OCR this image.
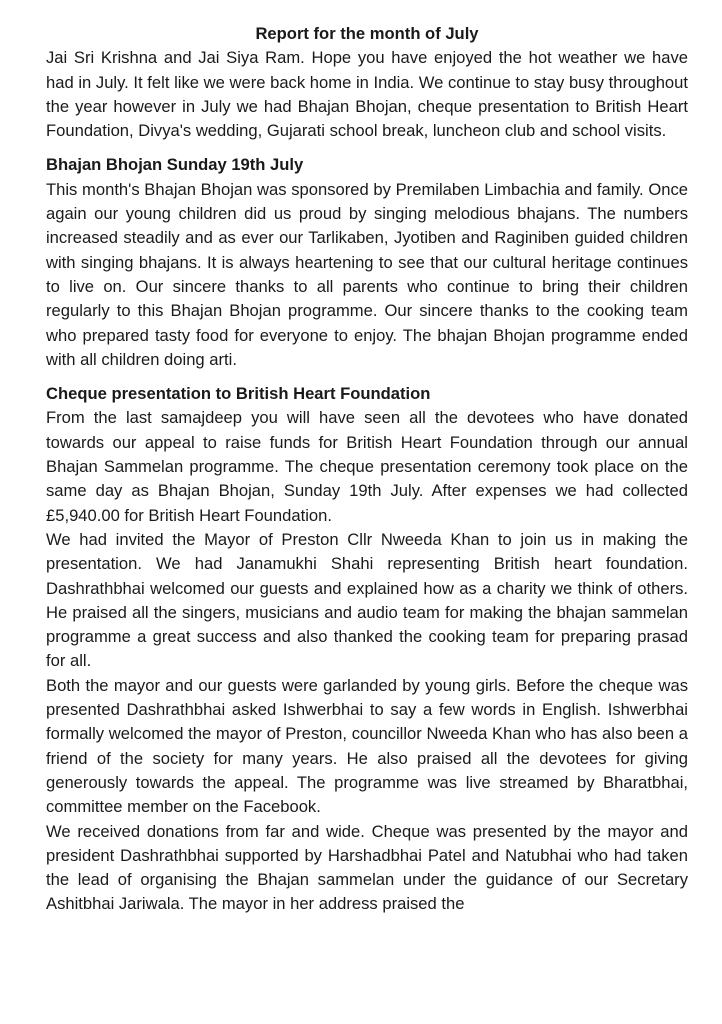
Report for the month of July

Jai Sri Krishna and Jai Siya Ram. Hope you have enjoyed the hot weather we have had in July. It felt like we were back home in India. We continue to stay busy throughout the year however in July we had Bhajan Bhojan, cheque presentation to British Heart Foundation, Divya's wedding, Gujarati school break, luncheon club and school visits.

Bhajan Bhojan Sunday 19th July

This month's Bhajan Bhojan was sponsored by Premilaben Limbachia and family. Once again our young children did us proud by singing melodious bhajans. The numbers increased steadily and as ever our Tarlikaben, Jyotiben and Raginiben guided children with singing bhajans. It is always heartening to see that our cultural heritage continues to live on. Our sincere thanks to all parents who continue to bring their children regularly to this Bhajan Bhojan programme. Our sincere thanks to the cooking team who prepared tasty food for everyone to enjoy. The bhajan Bhojan programme ended with all children doing arti.

Cheque presentation to British Heart Foundation

From the last samajdeep you will have seen all the devotees who have donated towards our appeal to raise funds for British Heart Foundation through our annual Bhajan Sammelan programme. The cheque presentation ceremony took place on the same day as Bhajan Bhojan, Sunday 19th July. After expenses we had collected £5,940.00 for British Heart Foundation.

We had invited the Mayor of Preston Cllr Nweeda Khan to join us in making the presentation. We had Janamukhi Shahi representing British heart foundation. Dashrathbhai welcomed our guests and explained how as a charity we think of others. He praised all the singers, musicians and audio team for making the bhajan sammelan programme a great success and also thanked the cooking team for preparing prasad for all.

Both the mayor and our guests were garlanded by young girls. Before the cheque was presented Dashrathbhai asked Ishwerbhai to say a few words in English. Ishwerbhai formally welcomed the mayor of Preston, councillor Nweeda Khan who has also been a friend of the society for many years. He also praised all the devotees for giving generously towards the appeal. The programme was live streamed by Bharatbhai, committee member on the Facebook.

We received donations from far and wide. Cheque was presented by the mayor and president Dashrathbhai supported by Harshadbhai Patel and Natubhai who had taken the lead of organising the Bhajan sammelan under the guidance of our Secretary Ashitbhai Jariwala. The mayor in her address praised the
